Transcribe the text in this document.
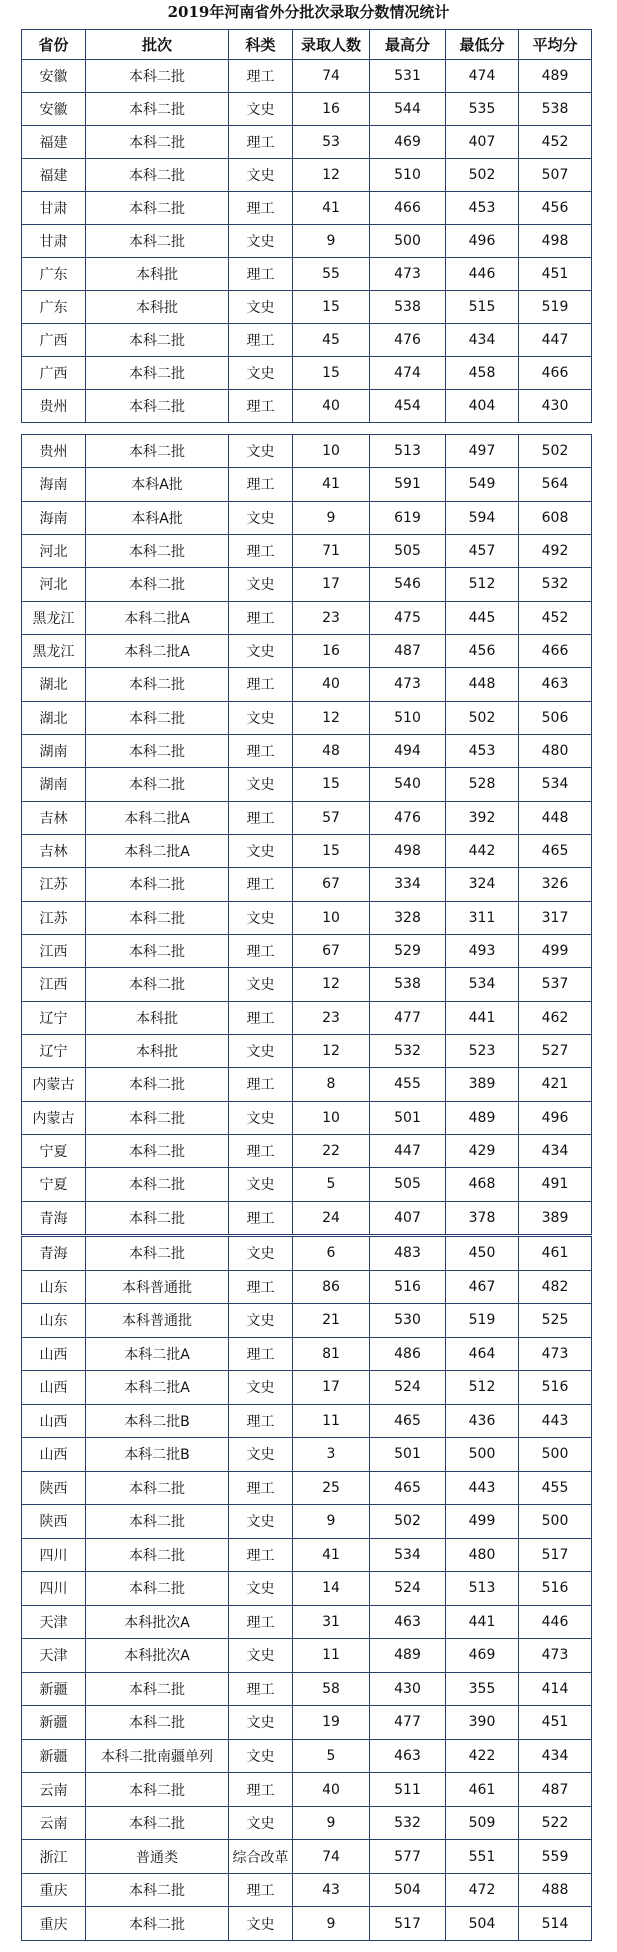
2019年河南省外分批次录取分数情况统计
省份	批次	科类	录取人数	最高分	最低分	平均分
安徽	本科二批	理工	74	531	474	489
安徽	本科二批	文史	16	544	535	538
福建	本科二批	理工	53	469	407	452
福建	本科二批	文史	12	510	502	507
甘肃	本科二批	理工	41	466	453	456
甘肃	本科二批	文史	9	500	496	498
广东	本科批	理工	55	473	446	451
广东	本科批	文史	15	538	515	519
广西	本科二批	理工	45	476	434	447
广西	本科二批	文史	15	474	458	466
贵州	本科二批	理工	40	454	404	430
贵州	本科二批	文史	10	513	497	502
海南	本科A批	理工	41	591	549	564
海南	本科A批	文史	9	619	594	608
河北	本科二批	理工	71	505	457	492
河北	本科二批	文史	17	546	512	532
黑龙江	本科二批A	理工	23	475	445	452
黑龙江	本科二批A	文史	16	487	456	466
湖北	本科二批	理工	40	473	448	463
湖北	本科二批	文史	12	510	502	506
湖南	本科二批	理工	48	494	453	480
湖南	本科二批	文史	15	540	528	534
吉林	本科二批A	理工	57	476	392	448
吉林	本科二批A	文史	15	498	442	465
江苏	本科二批	理工	67	334	324	326
江苏	本科二批	文史	10	328	311	317
江西	本科二批	理工	67	529	493	499
江西	本科二批	文史	12	538	534	537
辽宁	本科批	理工	23	477	441	462
辽宁	本科批	文史	12	532	523	527
内蒙古	本科二批	理工	8	455	389	421
内蒙古	本科二批	文史	10	501	489	496
宁夏	本科二批	理工	22	447	429	434
宁夏	本科二批	文史	5	505	468	491
青海	本科二批	理工	24	407	378	389
青海	本科二批	文史	6	483	450	461
山东	本科普通批	理工	86	516	467	482
山东	本科普通批	文史	21	530	519	525
山西	本科二批A	理工	81	486	464	473
山西	本科二批A	文史	17	524	512	516
山西	本科二批B	理工	11	465	436	443
山西	本科二批B	文史	3	501	500	500
陕西	本科二批	理工	25	465	443	455
陕西	本科二批	文史	9	502	499	500
四川	本科二批	理工	41	534	480	517
四川	本科二批	文史	14	524	513	516
天津	本科批次A	理工	31	463	441	446
天津	本科批次A	文史	11	489	469	473
新疆	本科二批	理工	58	430	355	414
新疆	本科二批	文史	19	477	390	451
新疆	本科二批南疆单列	文史	5	463	422	434
云南	本科二批	理工	40	511	461	487
云南	本科二批	文史	9	532	509	522
浙江	普通类	综合改革	74	577	551	559
重庆	本科二批	理工	43	504	472	488
重庆	本科二批	文史	9	517	504	514
